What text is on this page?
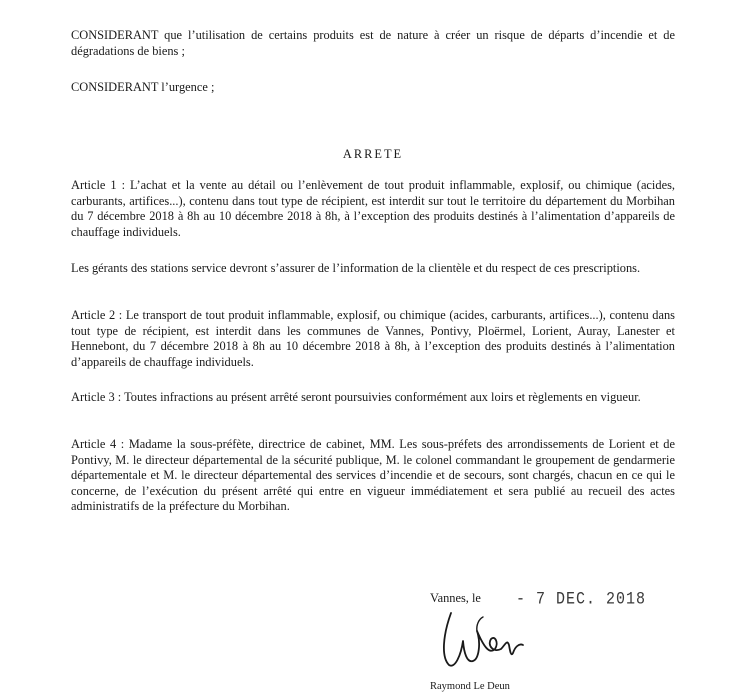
CONSIDERANT que l’utilisation de certains produits est de nature à créer un risque de départs d’incendie et de dégradations de biens ;

CONSIDERANT l’urgence ;

ARRETE

Article 1 : L’achat et la vente au détail ou l’enlèvement de tout produit inflammable, explosif, ou chimique (acides, carburants, artifices...), contenu dans tout type de récipient, est interdit sur tout le territoire du département du Morbihan du 7 décembre 2018 à 8h au 10 décembre 2018 à 8h, à l’exception des produits destinés à l’alimentation d’appareils de chauffage individuels.

Les gérants des stations service devront s’assurer de l’information de la clientèle et du respect de ces prescriptions.

Article 2 : Le transport de tout produit inflammable, explosif, ou chimique (acides, carburants, artifices...), contenu dans tout type de récipient, est interdit dans les communes de Vannes, Pontivy, Ploërmel, Lorient, Auray, Lanester et Hennebont, du 7 décembre 2018 à 8h au 10 décembre 2018 à 8h, à l’exception des produits destinés à l’alimentation d’appareils de chauffage individuels.

Article 3 : Toutes infractions au présent arrêté seront poursuivies conformément aux loirs et règlements en vigueur.

Article 4 : Madame la sous-préfète, directrice de cabinet, MM. Les sous-préfets des arrondissements de Lorient et de Pontivy, M. le directeur départemental de la sécurité publique, M. le colonel commandant le groupement de gendarmerie départementale et M. le directeur départemental des services d’incendie et de secours, sont chargés, chacun en ce qui le concerne, de l’exécution du présent arrêté qui entre en vigueur immédiatement et sera publié au recueil des actes administratifs de la préfecture du Morbihan.

Vannes, le - 7 DEC. 2018
Raymond Le Deun
